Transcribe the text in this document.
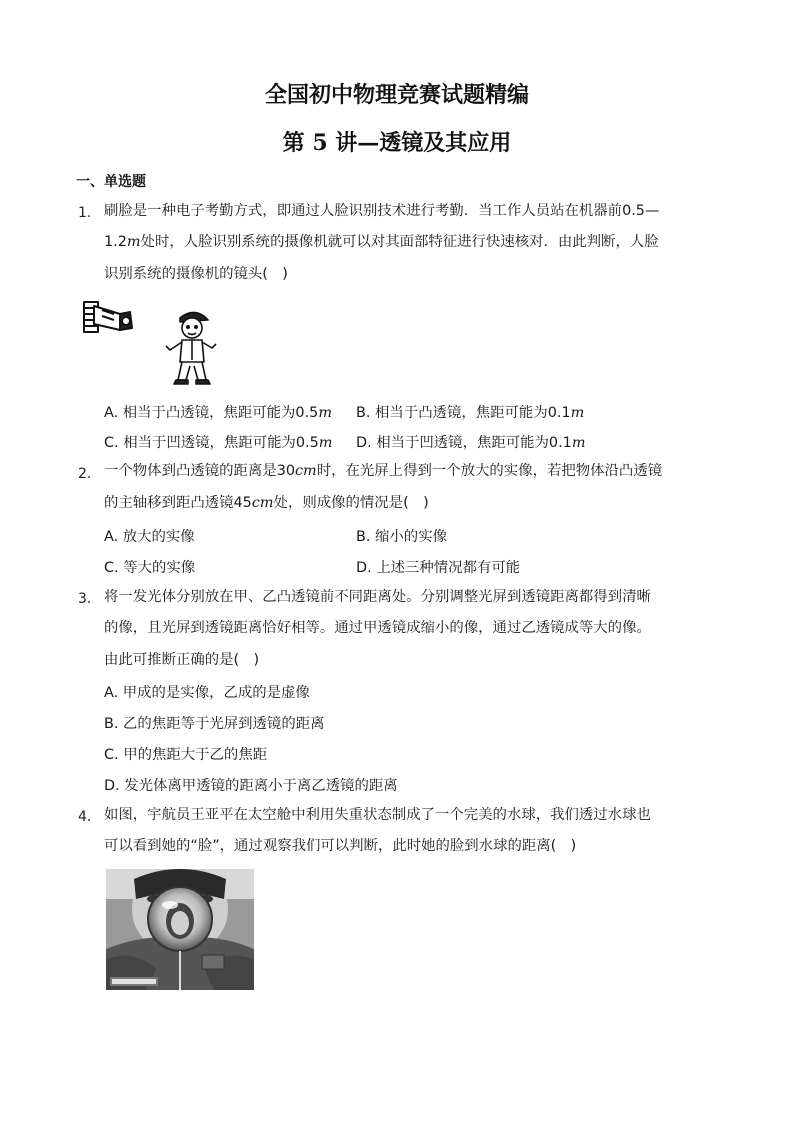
全国初中物理竞赛试题精编
第 5 讲—透镜及其应用
一、单选题
1. 刷脸是一种电子考勤方式，即通过人脸识别技术进行考勤．当工作人员站在机器前0.5—
1.2m处时，人脸识别系统的摄像机就可以对其面部特征进行快速核对．由此判断，人脸
识别系统的摄像机的镜头(　)
A. 相当于凸透镜，焦距可能为0.5m B. 相当于凸透镜，焦距可能为0.1m
C. 相当于凹透镜，焦距可能为0.5m D. 相当于凹透镜，焦距可能为0.1m
2. 一个物体到凸透镜的距离是30cm时，在光屏上得到一个放大的实像，若把物体沿凸透镜
的主轴移到距凸透镜45cm处，则成像的情况是(　)
A. 放大的实像	B. 缩小的实像
C. 等大的实像	D. 上述三种情况都有可能
3. 将一发光体分别放在甲、乙凸透镜前不同距离处。分别调整光屏到透镜距离都得到清晰
的像，且光屏到透镜距离恰好相等。通过甲透镜成缩小的像，通过乙透镜成等大的像。
由此可推断正确的是(　)
A. 甲成的是实像，乙成的是虚像
B. 乙的焦距等于光屏到透镜的距离
C. 甲的焦距大于乙的焦距
D. 发光体离甲透镜的距离小于离乙透镜的距离
4. 如图，宇航员王亚平在太空舱中利用失重状态制成了一个完美的水球，我们透过水球也
可以看到她的“脸”，通过观察我们可以判断，此时她的脸到水球的距离(　)
